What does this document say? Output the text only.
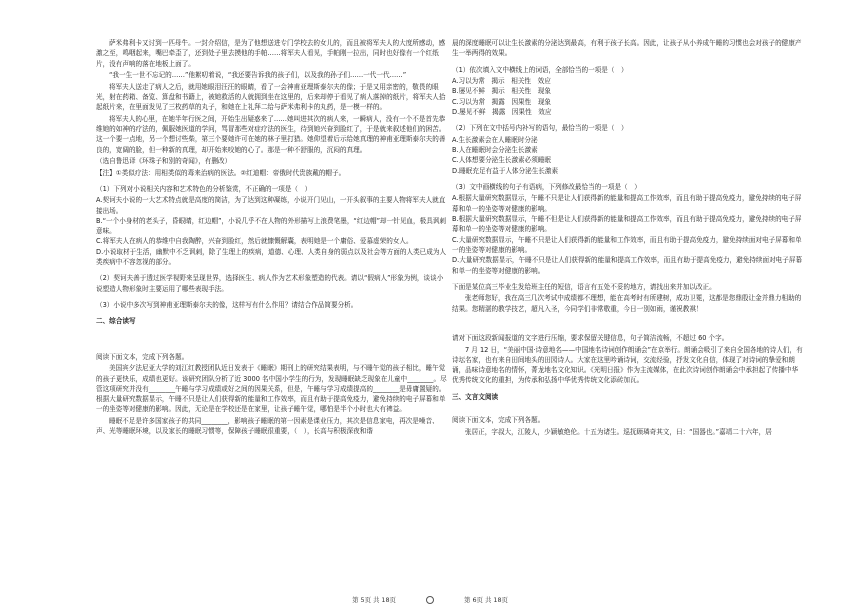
萨米弗利卡又讨到一匹母牛。一封介绍信，是为了他想送进专门学校去的女儿的，而且被将军夫人的大度所感动，感激之至，鸣咽起来，嘴巴牵歪了，还到处子里去摸他的手帕……将军夫人看见，手帕刚一拉出，同时也好像有一个红纸片，没有声响的落在地板上面了。

“我一生一世不忘记的……”他絮叨着说，“我还要告诉我的孩子们，以及我的孙子们……一代一代……”

将军夫人送走了病人之后，就用她眼泪汪汪的眼睛，看了一会神甫亚理斯泰尔夫的像；于是又用亲密的，敬畏的眼光，射在药箱、备览、算盘和书籍上，被她救活的人就拥到坐在这里的，后来却停于看见了病人落掉的纸片，将军夫人拾起纸片来，在里面发见了三枚药草的丸子，和她在上礼拜二给与萨米弗利卡的丸药，是一模一样的。

将军夫人的心里，在她半年行医之间，开始生出疑惑来了……她叫进其次的病人来，一瞬病人，没有一个不是首先恭维她的如神的疗法的，佩服她医道的学问，骂冒那些对症疗法的医生，待到她兴奋到脸红了，于是就来叙述他们的困苦。这一个要一点地，另一个想讨些柴，第三个要她许可在她的林子里打猎。她仰望着后示给她真理的神甫亚理斯泰尔夫的善良的，宽阔的脸，但一种新的真理，却开始来咬她的心了。那是一种不舒服的，沉闷的真理。

（选自鲁迅译《环珠子和别的奇闻》，有删改）

【注】①类似疗法：用相类似的毒来治病的医法。②红迪帽：帝俄时代贵族戴的帽子。

（1）下列对小说相关内容和艺术特色的分析鉴赏，不正确的一项是（　）

A.契诃夫小说的一大艺术特点就是高度的简洁，为了达到这种凝练，小说开门见山，一开头叙事的主要人物将军夫人就直接出场。

B.“一个小身材的老头子，昏眼睛，红边帽”，小说几乎不在人物的外形描写上浪费笔墨，“红边帽”却一针见血，极具讽刺意味。

C.将军夫人在病人的恭维中自我陶醉，兴奋到脸红，然后就慷慨解囊，表明她是一个庸俗、爱慕虚荣的女人。

D.小说取材于生活，幽默中不乏讽刺，除了生理上的疾病，道德、心理、人类自身的弱点以及社会等方面的人类已成为人类疾病中不容忽视的部分。

（2）契诃夫善于透过医学视野来呈现世界，选择医生、病人作为艺术形象塑造的代表。请以“假病人”形象为例，谈谈小说塑造人物形象时主要运用了哪些表现手法。

（3）小说中多次写到神甫亚理斯泰尔夫的像，这样写有什么作用？请结合作品简要分析。

二、综合读写

阅读下面文本，完成下列各题。

美国宾夕法尼亚大学的刘江红教授团队近日发表于《睡眠》期刊上的研究结果表明，与不睡午觉的孩子相比，睡午觉的孩子更快乐，成绩也更好。该研究团队分析了近 3000 名中国小学生的行为，发现睡眠缺乏现象在儿童中________。尽管这项研究并没有________午睡与学习成绩或好之间的因果关系，但是，午睡与学习成绩提高的________是毋庸置疑的。根据大量研究数据显示，午睡不只是让人们获得新的能量和工作效率，而且有助于提高免疫力，避免持续的电子屏幕和单一的坐姿等对健康的影响。因此，无论是在学校还是在家里，让孩子睡午觉，哪怕是半个小时也大有裨益。

睡眠不足是许多国家孩子的共同________，影响孩子睡眠的第一因素是课业压力，其次是信息家电，再次是噪音、声、光等睡眠环境，以及家长的睡眠习惯等，保障孩子睡眠很重要，（　），长高与积极深夜和谐

晨的深度睡眠可以让生长激素的分泌达到最高，有利于孩子长高。因此，让孩子从小养成午睡的习惯也会对孩子的健康产生一举两得的效果。

（1）依次填入文中横线上的词语，全部恰当的一项是（　）

A.习以为常　揭示　相关性　效应

B.屡见不鲜　揭示　相关性　现象

C.习以为常　揭露　因果性　现象

D.屡见不鲜　揭露　因果性　效应

（2）下列在文中括号内补写的语句，最恰当的一项是（　）

A.生长激素会在人睡眠时分泌

B.人在睡眠时会分泌生长激素

C.人体想要分泌生长激素必须睡眠

D.睡眠充足有益于人体分泌生长激素

（3）文中画横线的句子有语病，下列修改最恰当的一项是（　）

A.根据大量研究数据显示，午睡不只是让人们获得新的能量和提高工作效率，而且有助于提高免疫力，避免持续的电子屏幕和单一的坐姿等对健康的影响。

B.根据大量研究数据显示，午睡不但是让人们获得新的能量和提高工作效率，而且有助于提高免疫力，避免持续的电子屏幕和单一的坐姿等对健康的影响。

C.大量研究数据显示，午睡不只是让人们获得新的能量和工作效率，而且有助于提高免疫力，避免持续面对电子屏幕和单一的坐姿等对健康的影响。

D.大量研究数据显示，午睡不只是让人们获得新的能量和提高工作效率，而且有助于提高免疫力，避免持续面对电子屏幕和单一的坐姿等对健康的影响。

下面是某位高三毕业生发给班主任的短信，语言有五处不妥的地方，请找出来并加以改正。

张老师您好，我在高三几次考试中成绩都不理想，能在高考时有所建树，成功卫冕，这都是您鼎殷让金并鼎力相助的结果。您精湛的教学技艺，超凡入圣，今同学们非常敬重，今日一别如雨，谨祝教祺！

请对下面这段新闻报道的文字进行压缩，要求保留关键信息，句子简洁流畅，不超过 60 个字。

7 月 12 日，“美丽中国·诗意地名——中国地名诗词创作朗诵会”在京举行。朗诵会吸引了来自全国各地的诗人们，有诗坛名家，也有来自田间地头的田园诗人。大家在这里吟诵诗词，交流经验，抒发文化自信，体现了对诗词的挚爱和朗诵，品味诗意地名的情怀，菁龙地名文化知识。《光明日报》作为主流媒体，在此次诗词创作朗诵会中承担起了传播中华优秀传统文化的重担，为传承和弘扬中华优秀传统文化添砖加瓦。

三、文言文阅读

阅读下面文本，完成下列各题。

张居正，字叔大，江陵人，少颖敏绝伦。十五为诸生。巡抚顾璘奇其文，曰：“国器也。”嘉靖二十六年，居

第 5页 共 18页	第 6页 共 18页
